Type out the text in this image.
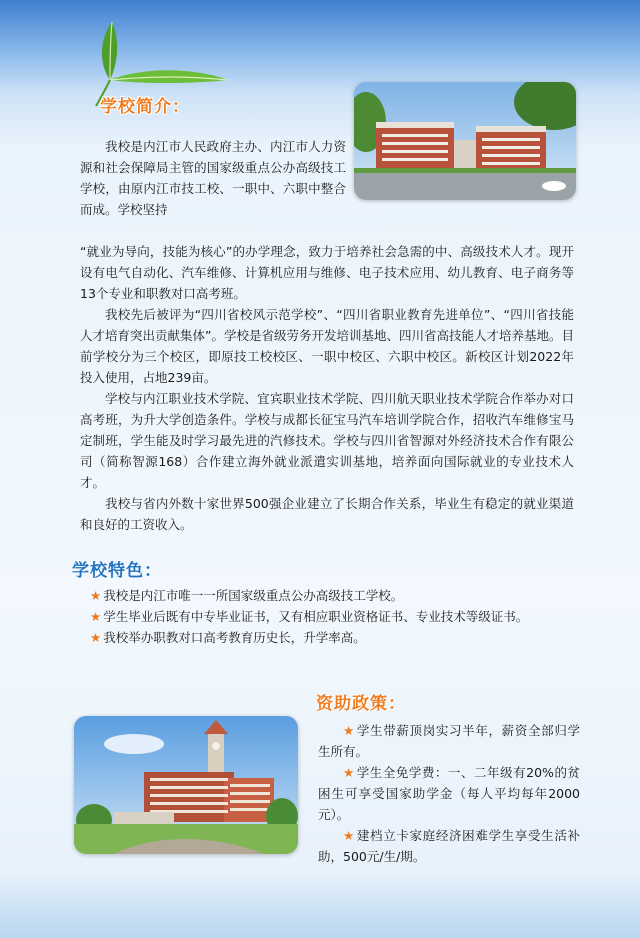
学校简介：

我校是内江市人民政府主办、内江市人力资源和社会保障局主管的国家级重点公办高级技工学校，由原内江市技工校、一职中、六职中整合而成。学校坚持

“就业为导向，技能为核心”的办学理念，致力于培养社会急需的中、高级技术人才。现开设有电气自动化、汽车维修、计算机应用与维修、电子技术应用、幼儿教育、电子商务等13个专业和职教对口高考班。

我校先后被评为“四川省校风示范学校”、“四川省职业教育先进单位”、“四川省技能人才培育突出贡献集体”。学校是省级劳务开发培训基地、四川省高技能人才培养基地。目前学校分为三个校区，即原技工校校区、一职中校区、六职中校区。新校区计划2022年投入使用，占地239亩。

学校与内江职业技术学院、宜宾职业技术学院、四川航天职业技术学院合作举办对口高考班，为升大学创造条件。学校与成都长征宝马汽车培训学院合作，招收汽车维修宝马定制班，学生能及时学习最先进的汽修技术。学校与四川省智源对外经济技术合作有限公司（简称智源168）合作建立海外就业派遣实训基地，培养面向国际就业的专业技术人才。

我校与省内外数十家世界500强企业建立了长期合作关系，毕业生有稳定的就业渠道和良好的工资收入。

学校特色：

★ 我校是内江市唯一一所国家级重点公办高级技工学校。

★ 学生毕业后既有中专毕业证书，又有相应职业资格证书、专业技术等级证书。

★ 我校举办职教对口高考教育历史长，升学率高。

资助政策：

★ 学生带薪顶岗实习半年，薪资全部归学生所有。

★ 学生全免学费：一、二年级有20%的贫困生可享受国家助学金（每人平均每年2000元）。

★ 建档立卡家庭经济困难学生享受生活补助，500元/生/期。
